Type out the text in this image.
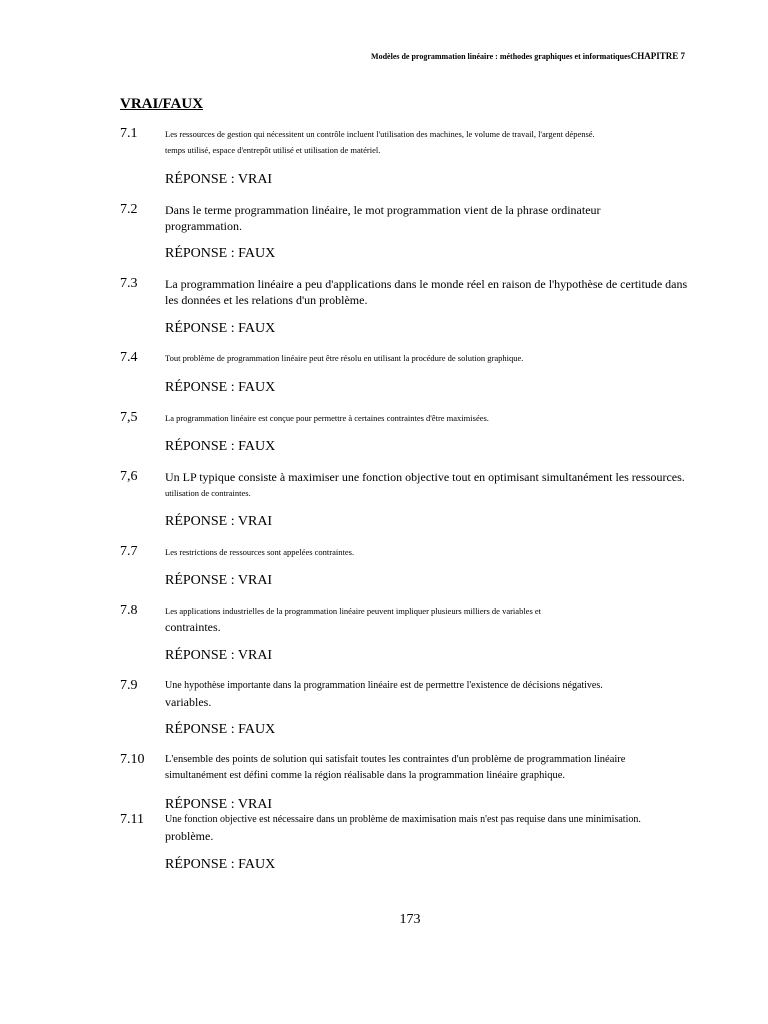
Modèles de programmation linéaire : méthodes graphiques et informatiquesCHAPITRE 7
VRAI/FAUX
7.1	Les ressources de gestion qui nécessitent un contrôle incluent l'utilisation des machines, le volume de travail, l'argent dépensé.
temps utilisé, espace d'entrepôt utilisé et utilisation de matériel.
RÉPONSE : VRAI
7.2 Dans le terme programmation linéaire, le mot programmation vient de la phrase ordinateur
programmation.
RÉPONSE : FAUX
7.3 La programmation linéaire a peu d'applications dans le monde réel en raison de l'hypothèse de certitude dans
les données et les relations d'un problème.
RÉPONSE : FAUX
7.4	Tout problème de programmation linéaire peut être résolu en utilisant la procédure de solution graphique.
RÉPONSE : FAUX
7,5	La programmation linéaire est conçue pour permettre à certaines contraintes d'être maximisées.
RÉPONSE : FAUX
7,6 Un LP typique consiste à maximiser une fonction objective tout en optimisant simultanément les ressources.
utilisation de contraintes.
RÉPONSE : VRAI
7.7	Les restrictions de ressources sont appelées contraintes.
RÉPONSE : VRAI
7.8	Les applications industrielles de la programmation linéaire peuvent impliquer plusieurs milliers de variables et
contraintes.
RÉPONSE : VRAI
7.9	Une hypothèse importante dans la programmation linéaire est de permettre l'existence de décisions négatives.
variables.
RÉPONSE : FAUX
7.10 L'ensemble des points de solution qui satisfait toutes les contraintes d'un problème de programmation linéaire
simultanément est défini comme la région réalisable dans la programmation linéaire graphique.
RÉPONSE : VRAI
7.11 Une fonction objective est nécessaire dans un problème de maximisation mais n'est pas requise dans une minimisation.
problème.
RÉPONSE : FAUX
173
